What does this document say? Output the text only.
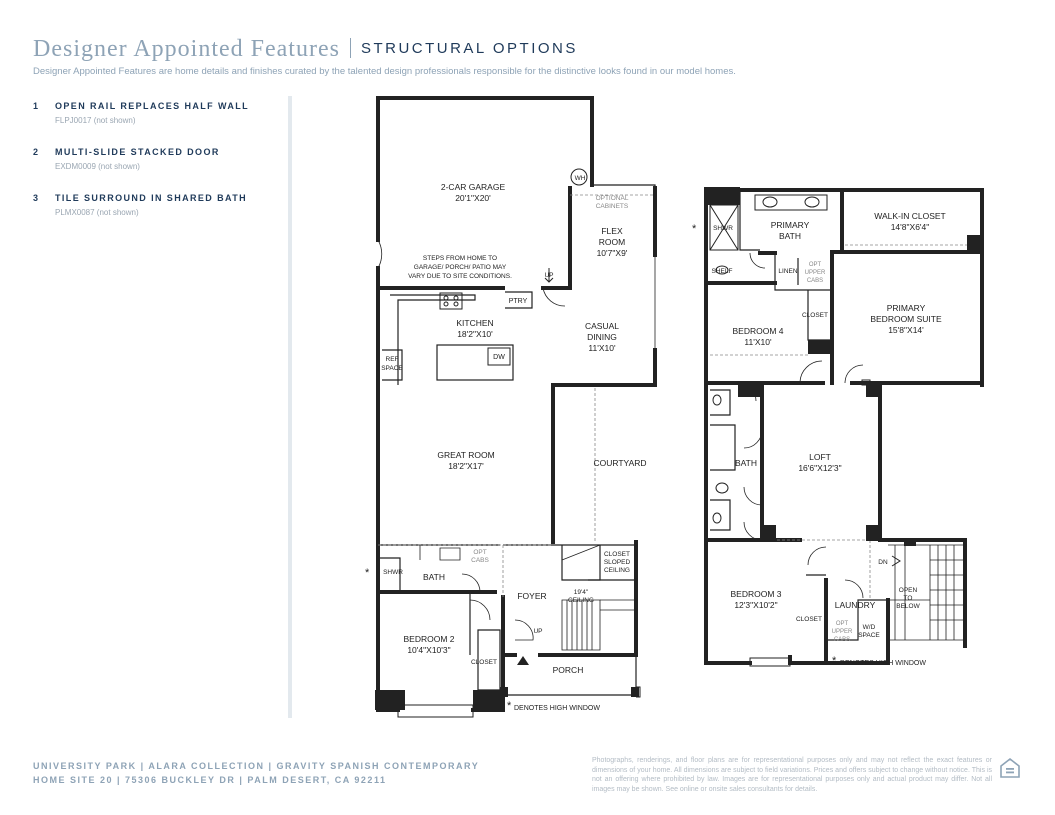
Designer Appointed Features STRUCTURAL OPTIONS
Designer Appointed Features are home details and finishes curated by the talented design professionals responsible for the distinctive looks found in our model homes.
1 OPEN RAIL REPLACES HALF WALL
FLPJ0017 (not shown)
2 MULTI-SLIDE STACKED DOOR
EXDM0009 (not shown)
3 TILE SURROUND IN SHARED BATH
PLMX0087 (not shown)
2-CAR GARAGE
20'1"X20'
WH
STEPS FROM HOME TO
GARAGE/ PORCH/ PATIO MAY
VARY DUE TO SITE CONDITIONS.	UP
OPTIONAL
CABINETS
FLEX
ROOM
10'7"X9'
PTRY
KITCHEN
18'2"X10'
CASUAL
DINING
11'X10'
REF
SPACE
DW
GREAT ROOM
18'2"X17'	COURTYARD
SHWR BATH
OPT
CABS
CLOSET
SLOPED
CEILING
FOYER	19'4"
CEILING
UP
BEDROOM 2
10'4"X10'3"
CLOSET
PORCH
*
* DENOTES HIGH WINDOW
SHWR	PRIMARY
BATH
WALK-IN CLOSET
14'8"X6'4"
SHELF	LINEN
OPT
UPPER
CABS
PRIMARY
BEDROOM SUITE
15'8"X14'
BEDROOM 4
11'X10'
CLOSET
BATH
LOFT
16'6"X12'3"
DN
OPEN
TO
BELOW
BEDROOM 3
12'3"X10'2"
CLOSET
LAUNDRY
OPT
UPPER
CABS
W/D
SPACE
*
* DENOTES HIGH WINDOW
UNIVERSITY PARK | ALARA COLLECTION | GRAVITY SPANISH CONTEMPORARY
HOME SITE 20 | 75306 BUCKLEY DR | PALM DESERT, CA 92211
Photographs, renderings, and floor plans are for representational purposes only and may not reflect the exact features or dimensions of your home. All dimensions are subject to field variations. Prices and offers subject to change without notice. This is not an offering where prohibited by law. Images are for representational purposes only and actual product may differ. Not all images may be shown. See online or onsite sales consultants for details.
